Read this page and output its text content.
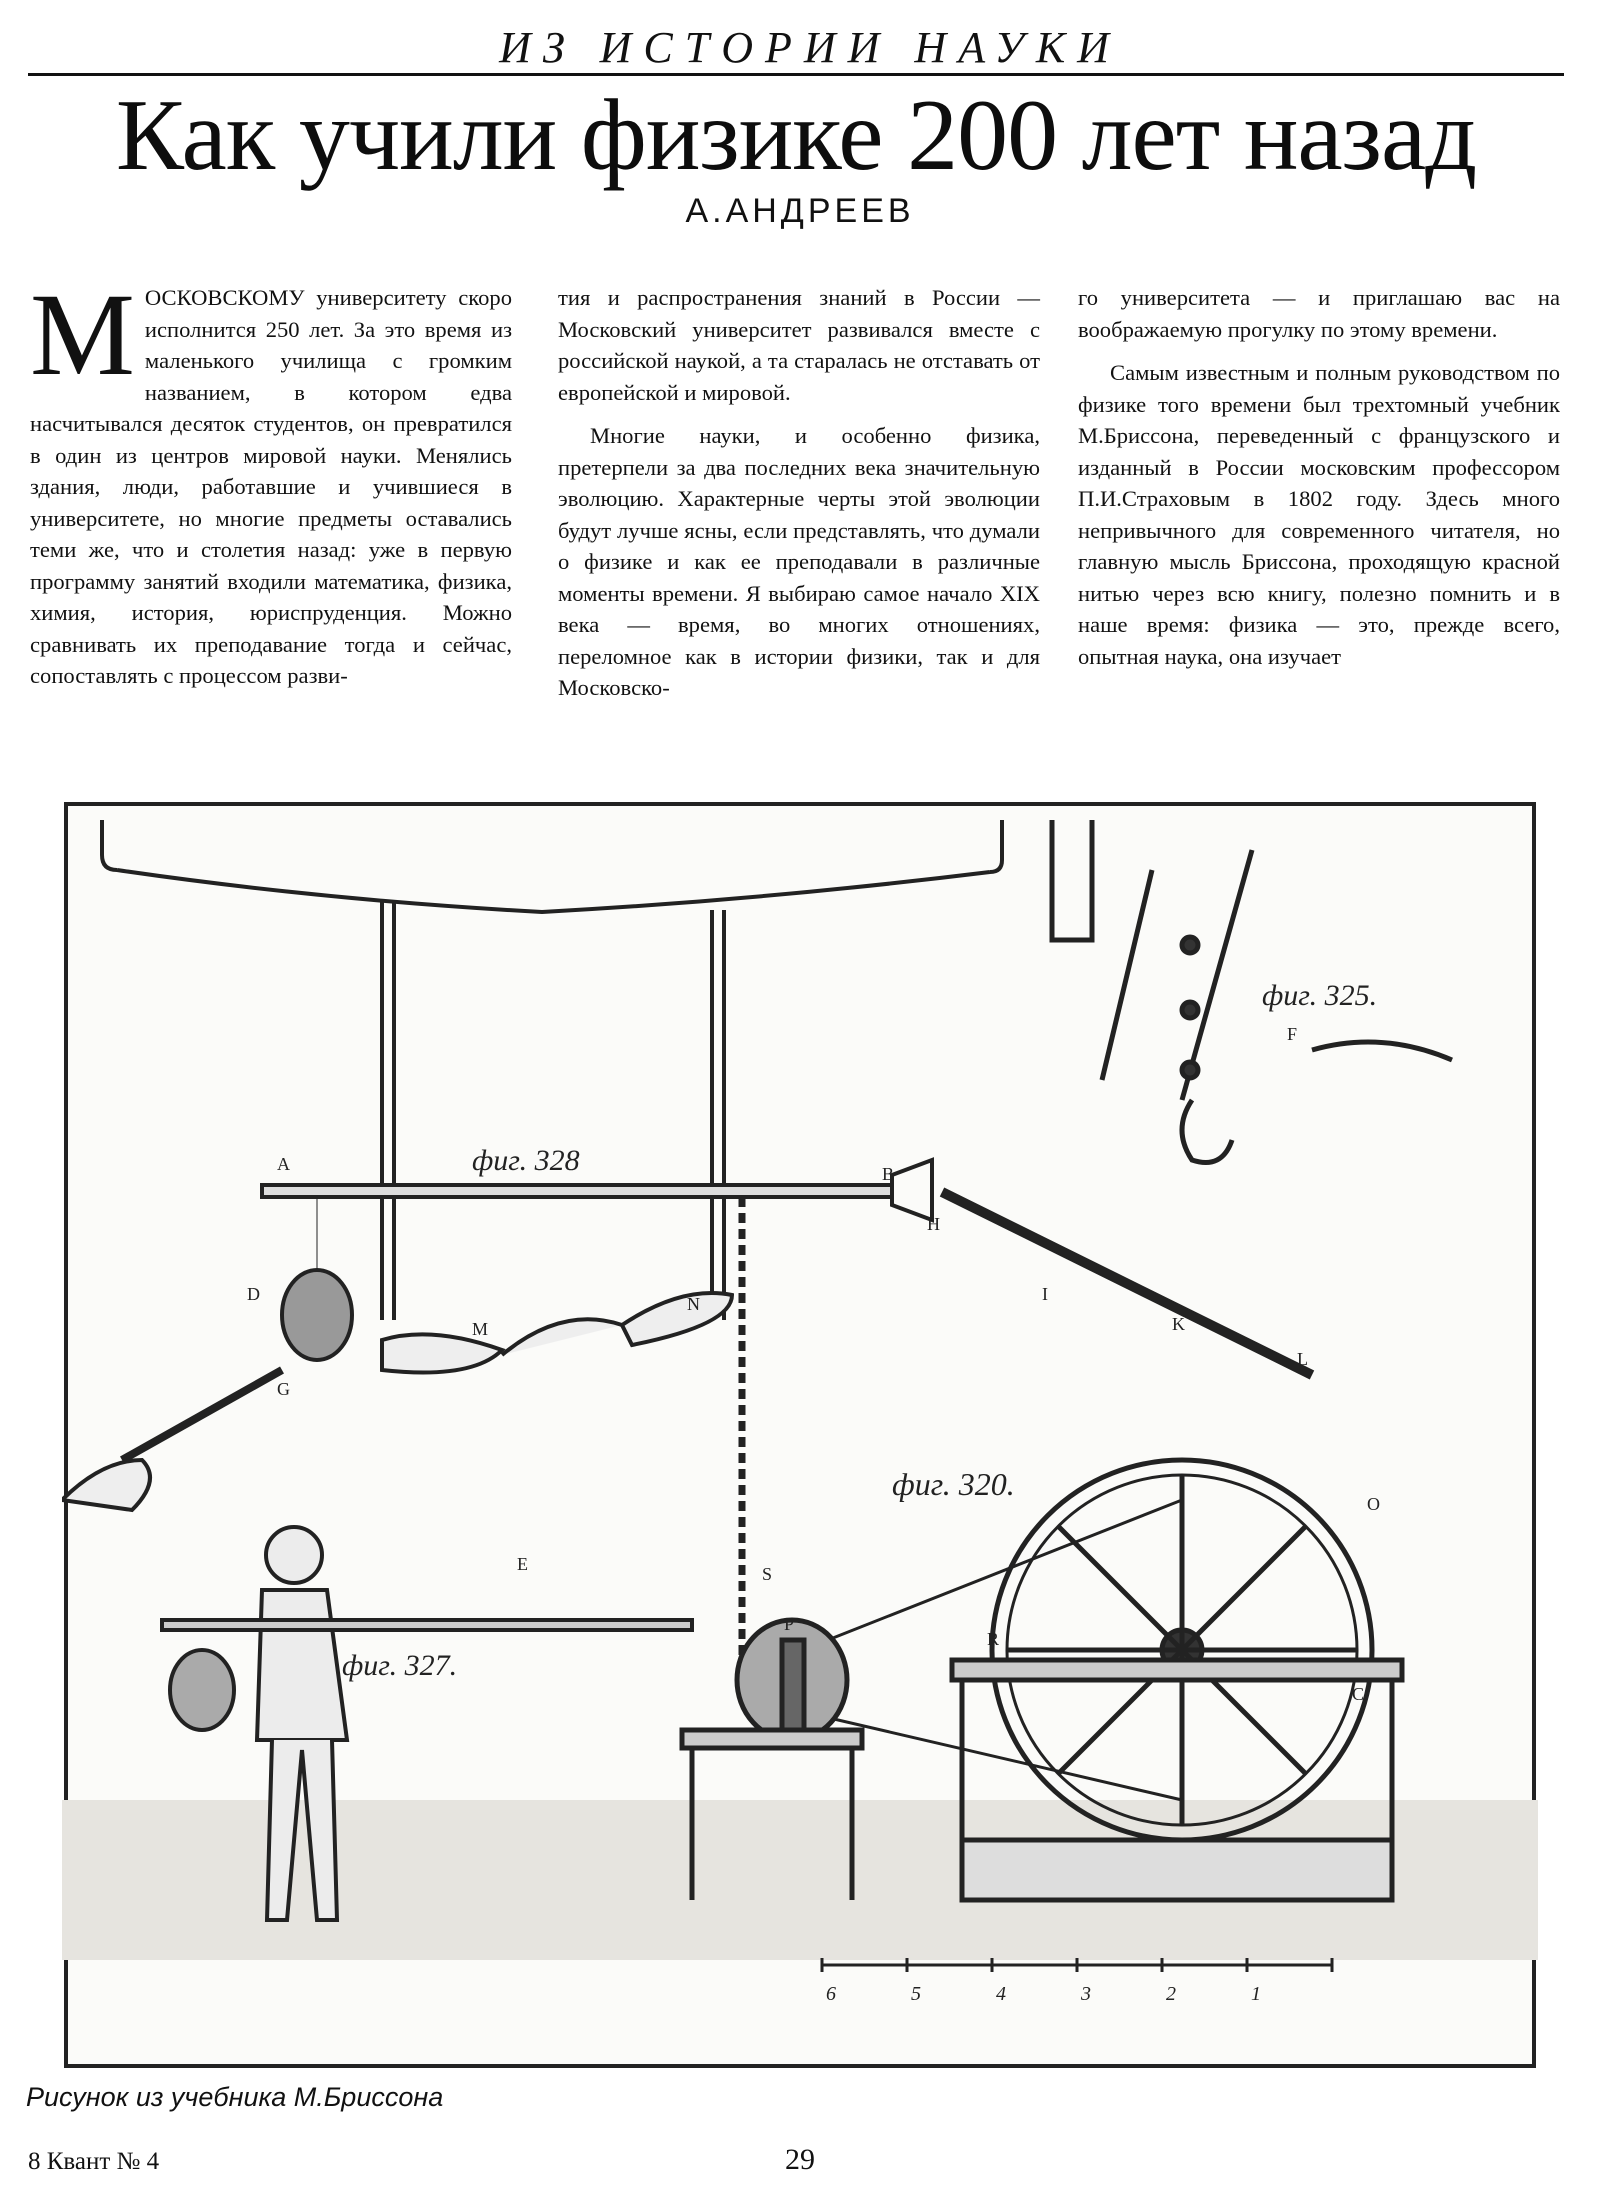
ИЗ ИСТОРИИ НАУКИ
Как учили физике 200 лет назад
А.АНДРЕЕВ

МОСКОВСКОМУ университету скоро исполнится 250 лет. За это время из маленького училища с громким названием, в котором едва насчитывался десяток студентов, он превратился в один из центров мировой науки. Менялись здания, люди, работавшие и учившиеся в университете, но многие предметы оставались теми же, что и столетия назад: уже в первую программу занятий входили математика, физика, химия, история, юриспруденция. Можно сравнивать их преподавание тогда и сейчас, сопоставлять с процессом разви-

тия и распространения знаний в России — Московский университет развивался вместе с российской наукой, а та старалась не отставать от европейской и мировой.

Многие науки, и особенно физика, претерпели за два последних века значительную эволюцию. Характерные черты этой эволюции будут лучше ясны, если представлять, что думали о физике и как ее преподавали в различные моменты времени. Я выбираю самое начало XIX века — время, во многих отношениях, переломное как в истории физики, так и для Московско-

го университета — и приглашаю вас на воображаемую прогулку по этому времени.

Самым известным и полным руководством по физике того времени был трехтомный учебник М.Бриссона, переведенный с французского и изданный в России московским профессором П.И.Страховым в 1802 году. Здесь много непривычного для современного читателя, но главную мысль Бриссона, проходящую красной нитью через всю книгу, полезно помнить и в наше время: физика — это, прежде всего, опытная наука, она изучает

фиг. 325.
фиг. 328
фиг. 327.
фиг. 320.
6	5	4	3	2	1
A	B
C
D
E
F
G
H
I
K
L
M
N
O
P
R
S
Рисунок из учебника М.Бриссона
8 Квант № 4	29
